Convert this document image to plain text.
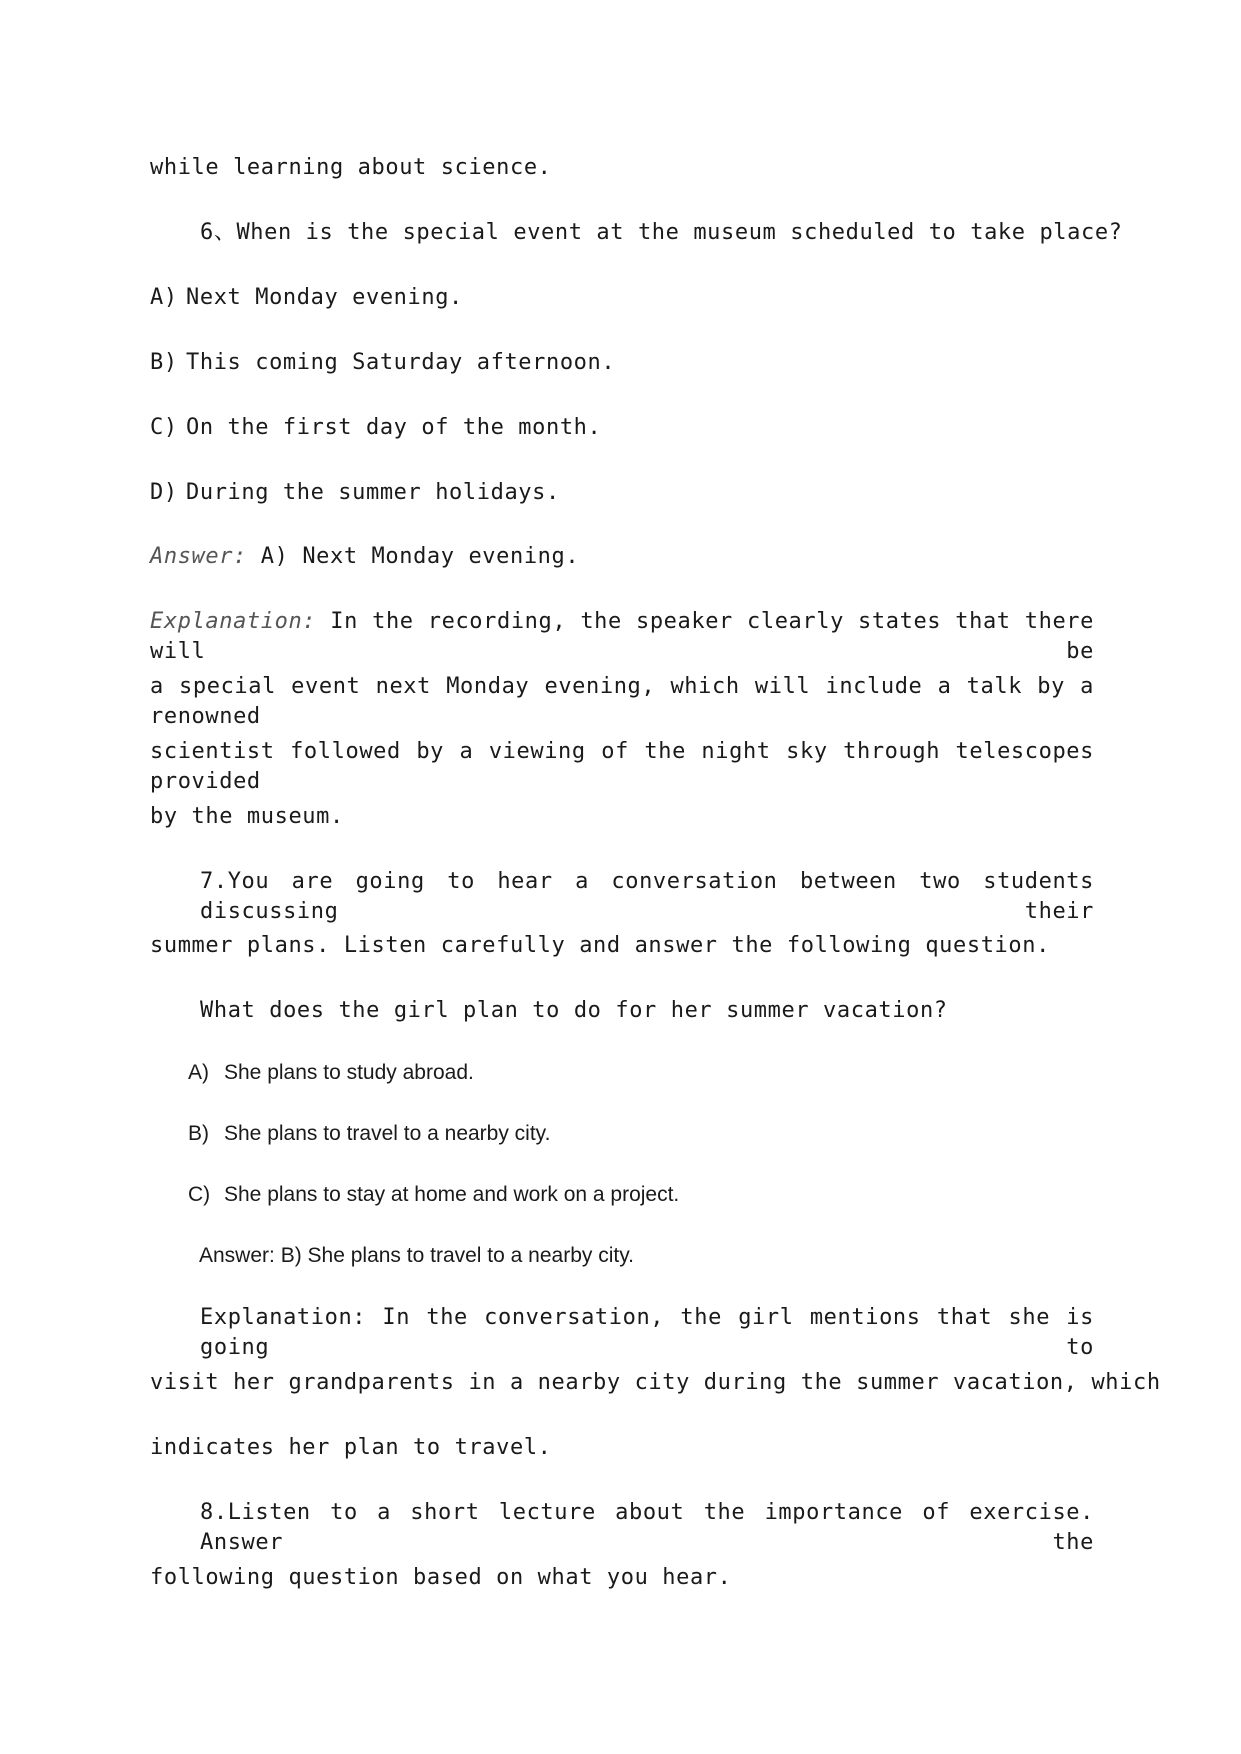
while learning about science.
6、When is the special event at the museum scheduled to take place?
A) Next Monday evening.
B) This coming Saturday afternoon.
C) On the first day of the month.
D) During the summer holidays.
Answer: A) Next Monday evening.
Explanation: In the recording, the speaker clearly states that there will be
a special event next Monday evening, which will include a talk by a renowned
scientist followed by a viewing of the night sky through telescopes provided
by the museum.
7.You are going to hear a conversation between two students discussing their
summer plans. Listen carefully and answer the following question.
What does the girl plan to do for her summer vacation?
A) She plans to study abroad.
B) She plans to travel to a nearby city.
C) She plans to stay at home and work on a project.
Answer: B) She plans to travel to a nearby city.
Explanation: In the conversation, the girl mentions that she is going to
visit her grandparents in a nearby city during the summer vacation, which
indicates her plan to travel.
8.Listen to a short lecture about the importance of exercise. Answer the
following question based on what you hear.
